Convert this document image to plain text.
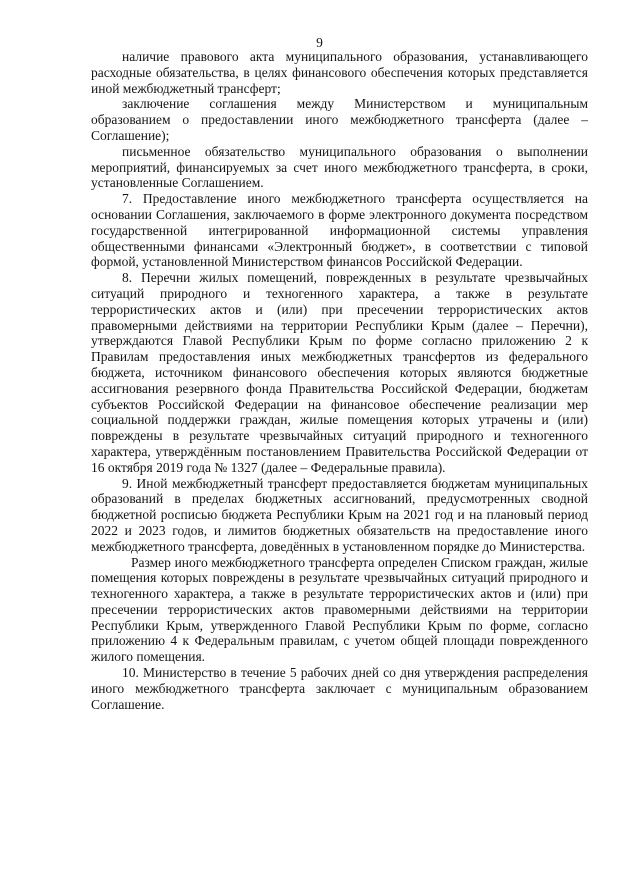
9

наличие правового акта муниципального образования, устанавливающего расходные обязательства, в целях финансового обеспечения которых представляется иной межбюджетный трансферт;

заключение соглашения между Министерством и муниципальным образованием о предоставлении иного межбюджетного трансферта (далее – Соглашение);

письменное обязательство муниципального образования о выполнении мероприятий, финансируемых за счет иного межбюджетного трансферта, в сроки, установленные Соглашением.

7. Предоставление иного межбюджетного трансферта осуществляется на основании Соглашения, заключаемого в форме электронного документа посредством государственной интегрированной информационной системы управления общественными финансами «Электронный бюджет», в соответствии с типовой формой, установленной Министерством финансов Российской Федерации.

8. Перечни жилых помещений, поврежденных в результате чрезвычайных ситуаций природного и техногенного характера, а также в результате террористических актов и (или) при пресечении террористических актов правомерными действиями на территории Республики Крым (далее – Перечни), утверждаются Главой Республики Крым по форме согласно приложению 2 к Правилам предоставления иных межбюджетных трансфертов из федерального бюджета, источником финансового обеспечения которых являются бюджетные ассигнования резервного фонда Правительства Российской Федерации, бюджетам субъектов Российской Федерации на финансовое обеспечение реализации мер социальной поддержки граждан, жилые помещения которых утрачены и (или) повреждены в результате чрезвычайных ситуаций природного и техногенного характера, утверждённым постановлением Правительства Российской Федерации от 16 октября 2019 года № 1327 (далее – Федеральные правила).

9. Иной межбюджетный трансферт предоставляется бюджетам муниципальных образований в пределах бюджетных ассигнований, предусмотренных сводной бюджетной росписью бюджета Республики Крым на 2021 год и на плановый период 2022 и 2023 годов, и лимитов бюджетных обязательств на предоставление иного межбюджетного трансферта, доведённых в установленном порядке до Министерства.

Размер иного межбюджетного трансферта определен Списком граждан, жилые помещения которых повреждены в результате чрезвычайных ситуаций природного и техногенного характера, а также в результате террористических актов и (или) при пресечении террористических актов правомерными действиями на территории Республики Крым, утвержденного Главой Республики Крым по форме, согласно приложению 4 к Федеральным правилам, с учетом общей площади поврежденного жилого помещения.

10. Министерство в течение 5 рабочих дней со дня утверждения распределения иного межбюджетного трансферта заключает с муниципальным образованием Соглашение.
